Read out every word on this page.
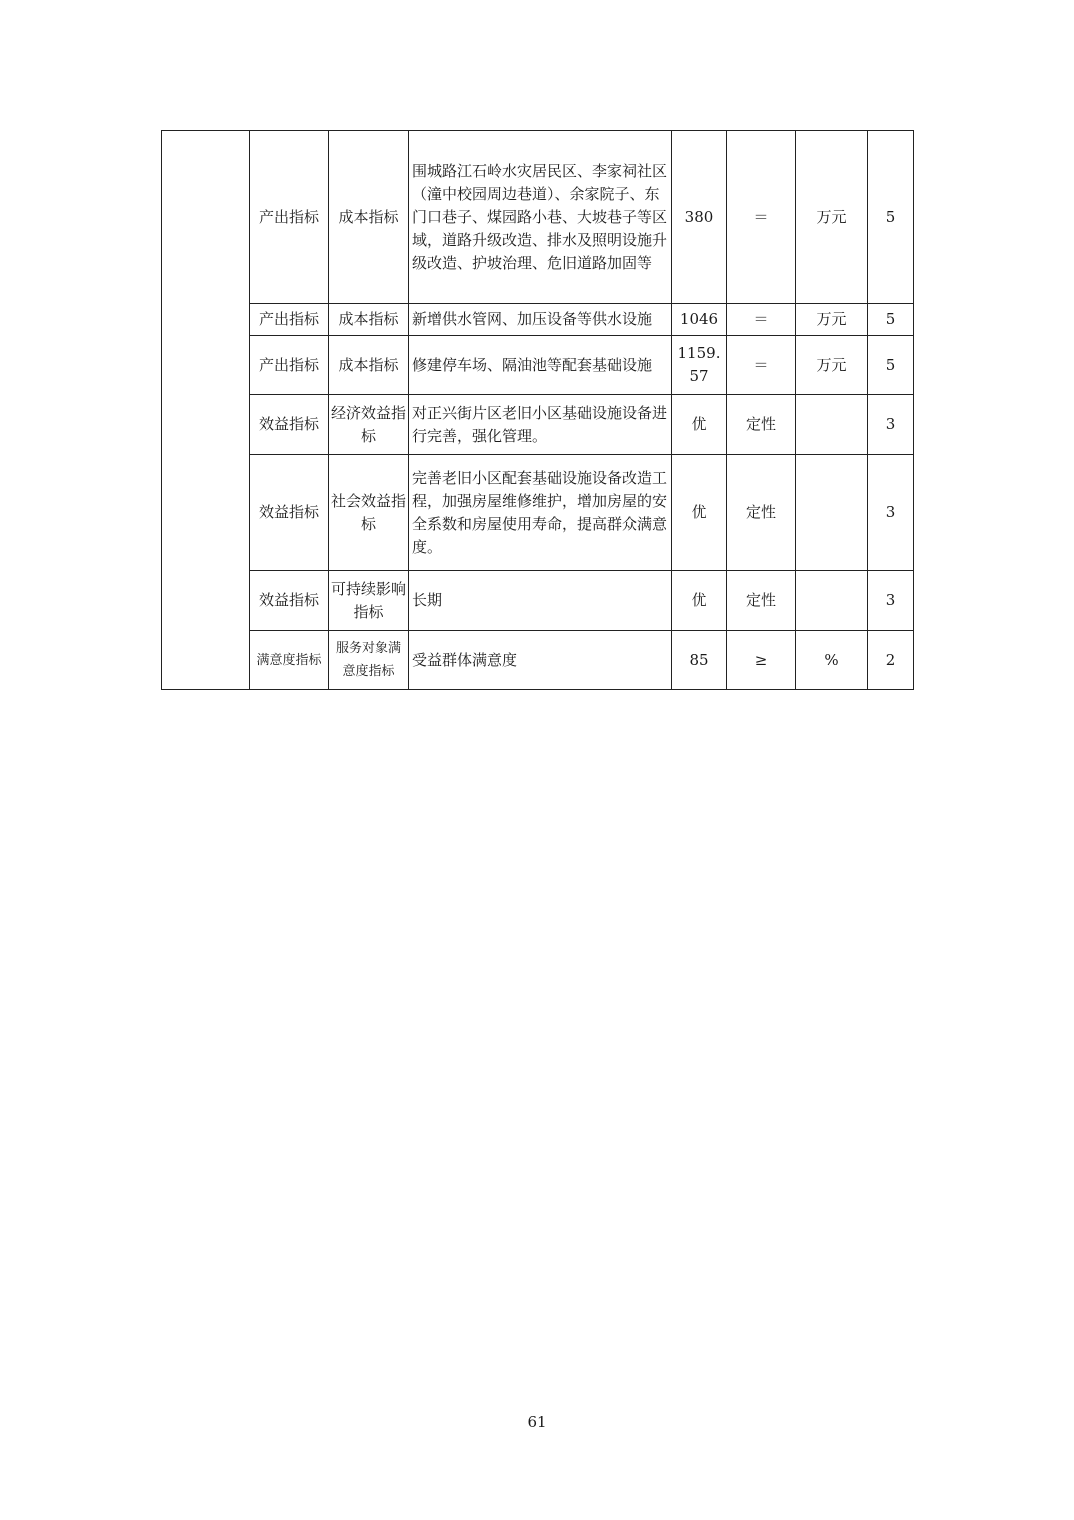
	产出指标	成本指标	围城路江石岭水灾居民区、李家祠社区（潼中校园周边巷道）、余家院子、东门口巷子、煤园路小巷、大坡巷子等区域，道路升级改造、排水及照明设施升级改造、护坡治理、危旧道路加固等	380	＝	万元	5
	产出指标	成本指标	新增供水管网、加压设备等供水设施	1046	＝	万元	5
	产出指标	成本指标	修建停车场、隔油池等配套基础设施	1159.57	＝	万元	5
	效益指标	经济效益指标	对正兴街片区老旧小区基础设施设备进行完善，强化管理。	优	定性		3
	效益指标	社会效益指标	完善老旧小区配套基础设施设备改造工程，加强房屋维修维护，增加房屋的安全系数和房屋使用寿命，提高群众满意度。	优	定性		3
	效益指标	可持续影响指标	长期	优	定性		3
	满意度指标	服务对象满意度指标	受益群体满意度	85	≥	%	2
61
